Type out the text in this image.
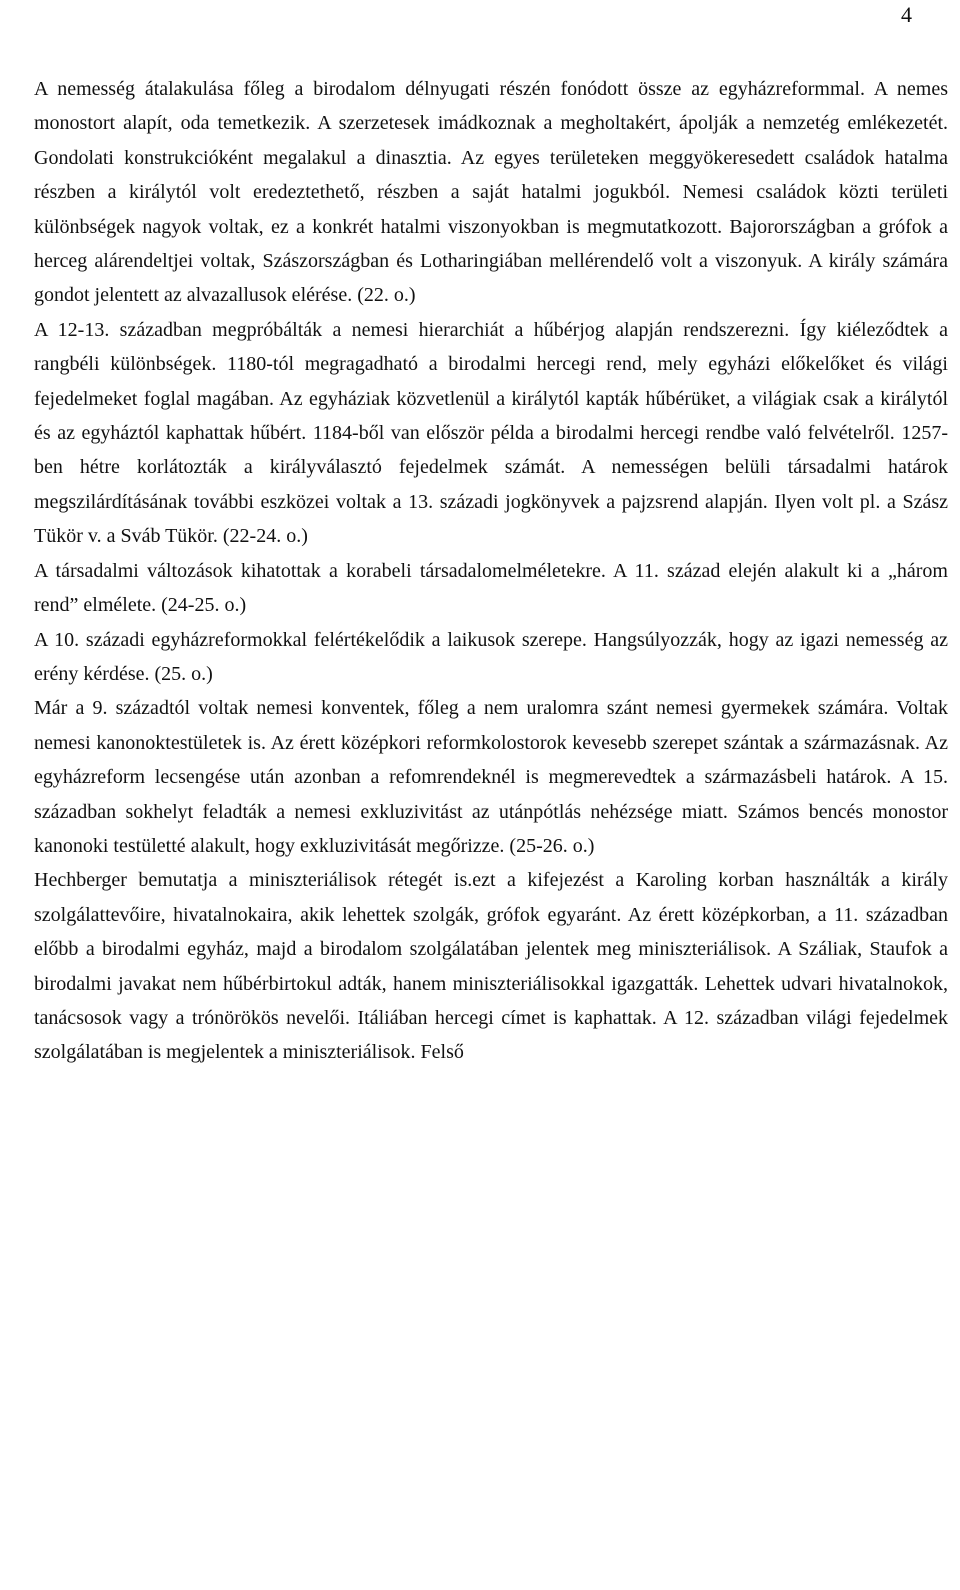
4

A nemesség átalakulása főleg a birodalom délnyugati részén fonódott össze az egyházreformmal. A nemes monostort alapít, oda temetkezik. A szerzetesek imádkoznak a megholtakért, ápolják a nemzetég emlékezetét. Gondolati konstrukcióként megalakul a dinasztia. Az egyes területeken meggyökeresedett családok hatalma részben a királytól volt eredeztethető, részben a saját hatalmi jogukból. Nemesi családok közti területi különbségek nagyok voltak, ez a konkrét hatalmi viszonyokban is megmutatkozott. Bajorországban a grófok a herceg alárendeltjei voltak, Szászországban és Lotharingiában mellérendelő volt a viszonyuk. A király számára gondot jelentett az alvazallusok elérése. (22. o.)

A 12-13. században megpróbálták a nemesi hierarchiát a hűbérjog alapján rendszerezni. Így kiéleződtek a rangbéli különbségek. 1180-tól megragadható a birodalmi hercegi rend, mely egyházi előkelőket és világi fejedelmeket foglal magában. Az egyháziak közvetlenül a királytól kapták hűbérüket, a világiak csak a királytól és az egyháztól kaphattak hűbért. 1184-ből van először példa a birodalmi hercegi rendbe való felvételről. 1257-ben hétre korlátozták a királyválasztó fejedelmek számát. A nemességen belüli társadalmi határok megszilárdításának további eszközei voltak a 13. századi jogkönyvek a pajzsrend alapján. Ilyen volt pl. a Szász Tükör v. a Sváb Tükör. (22-24. o.)

A társadalmi változások kihatottak a korabeli társadalomelméletekre. A 11. század elején alakult ki a „három rend” elmélete. (24-25. o.)

A 10. századi egyházreformokkal felértékelődik a laikusok szerepe. Hangsúlyozzák, hogy az igazi nemesség az erény kérdése. (25. o.)

Már a 9. századtól voltak nemesi konventek, főleg a nem uralomra szánt nemesi gyermekek számára. Voltak nemesi kanonoktestületek is. Az érett középkori reformkolostorok kevesebb szerepet szántak a származásnak. Az egyházreform lecsengése után azonban a refomrendeknél is megmerevedtek a származásbeli határok. A 15. században sokhelyt feladták a nemesi exkluzivitást az utánpótlás nehézsége miatt. Számos bencés monostor kanonoki testületté alakult, hogy exkluzivitását megőrizze. (25-26. o.)

Hechberger bemutatja a miniszteriálisok rétegét is.ezt a kifejezést a Karoling korban használták a király szolgálattevőire, hivatalnokaira, akik lehettek szolgák, grófok egyaránt. Az érett középkorban, a 11. században előbb a birodalmi egyház, majd a birodalom szolgálatában jelentek meg miniszteriálisok. A Száliak, Staufok a birodalmi javakat nem hűbérbirtokul adták, hanem miniszteriálisokkal igazgatták. Lehettek udvari hivatalnokok, tanácsosok vagy a trónörökös nevelői. Itáliában hercegi címet is kaphattak. A 12. században világi fejedelmek szolgálatában is megjelentek a miniszteriálisok. Felső
